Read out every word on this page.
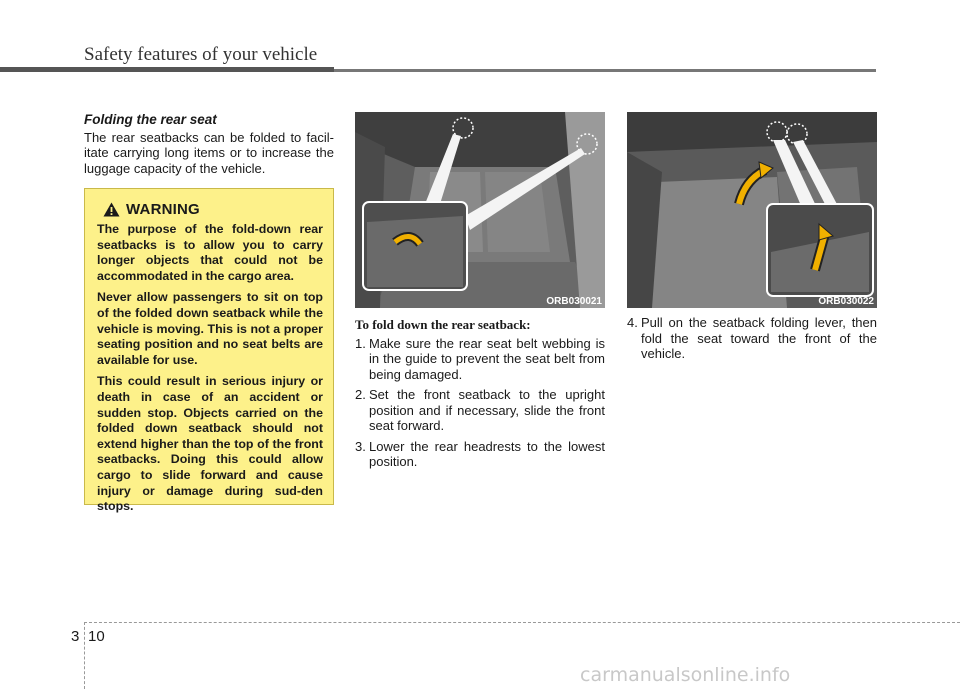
Safety features of your vehicle
Folding the rear seat
The rear seatbacks can be folded to facil-itate carrying long items or to increase the luggage capacity of the vehicle.
WARNING

The purpose of the fold-down rear seatbacks is to allow you to carry longer objects that could not be accommodated in the cargo area.

Never allow passengers to sit on top of the folded down seatback while the vehicle is moving. This is not a proper seating position and no seat belts are available for use.

This could result in serious injury or death in case of an accident or sudden stop. Objects carried on the folded down seatback should not extend higher than the top of the front seatbacks. Doing this could allow cargo to slide forward and cause injury or damage during sud-den stops.

ORB030021	ORB030022
To fold down the rear seatback:
1. Make sure the rear seat belt webbing is in the guide to prevent the seat belt from being damaged.
2. Set the front seatback to the upright position and if necessary, slide the front seat forward.
3. Lower the rear headrests to the lowest position.
4. Pull on the seatback folding lever, then fold the seat toward the front of the vehicle.
3 10
carmanualsonline.info
